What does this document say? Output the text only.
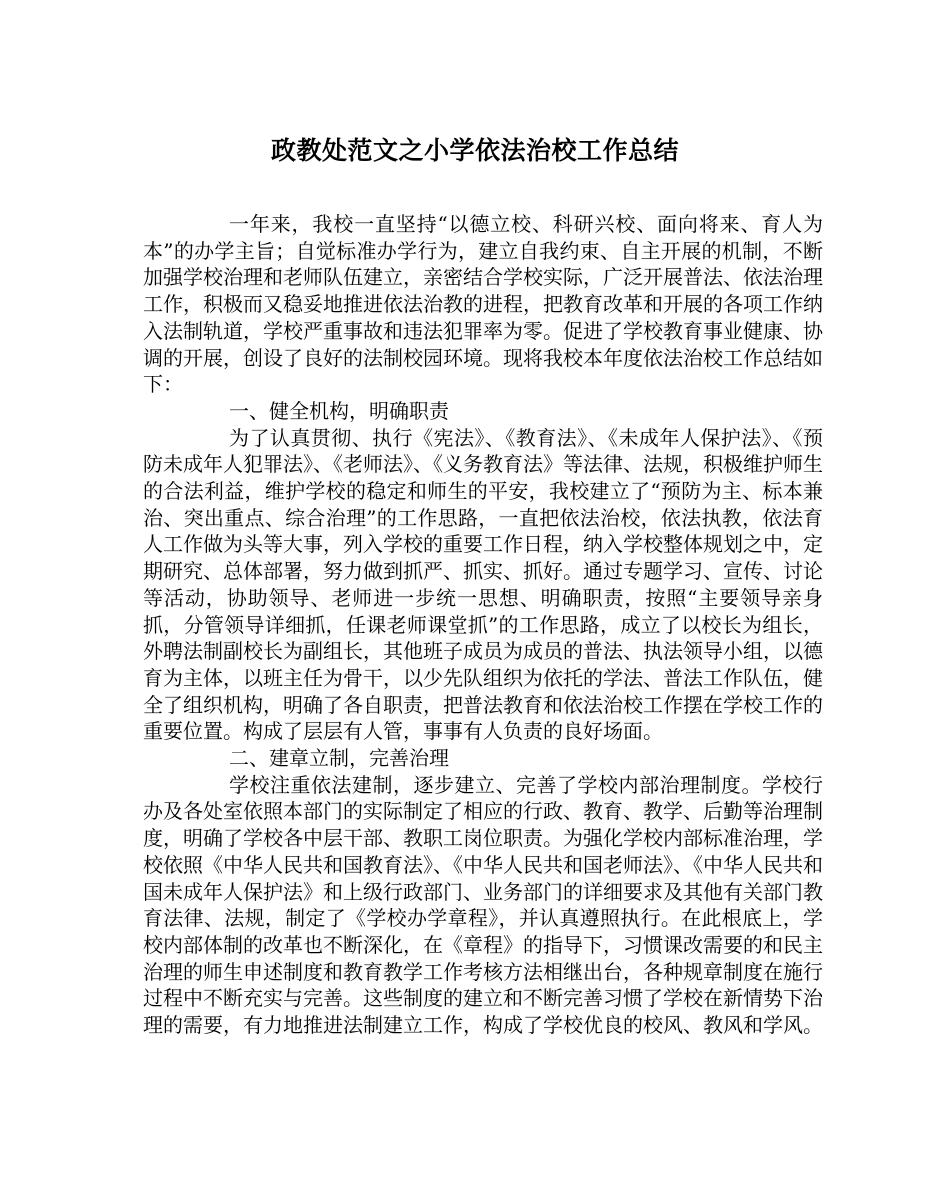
政教处范文之小学依法治校工作总结

一年来，我校一直坚持“以德立校、科研兴校、面向将来、育人为本”的办学主旨；自觉标准办学行为，建立自我约束、自主开展的机制，不断加强学校治理和老师队伍建立，亲密结合学校实际，广泛开展普法、依法治理工作，积极而又稳妥地推进依法治教的进程，把教育改革和开展的各项工作纳入法制轨道，学校严重事故和违法犯罪率为零。促进了学校教育事业健康、协调的开展，创设了良好的法制校园环境。现将我校本年度依法治校工作总结如下：

一、健全机构，明确职责

为了认真贯彻、执行《宪法》、《教育法》、《未成年人保护法》、《预防未成年人犯罪法》、《老师法》、《义务教育法》等法律、法规，积极维护师生的合法利益，维护学校的稳定和师生的平安，我校建立了“预防为主、标本兼治、突出重点、综合治理”的工作思路，一直把依法治校，依法执教，依法育人工作做为头等大事，列入学校的重要工作日程，纳入学校整体规划之中，定期研究、总体部署，努力做到抓严、抓实、抓好。通过专题学习、宣传、讨论等活动，协助领导、老师进一步统一思想、明确职责，按照“主要领导亲身抓，分管领导详细抓，任课老师课堂抓”的工作思路，成立了以校长为组长，外聘法制副校长为副组长，其他班子成员为成员的普法、执法领导小组，以德育为主体，以班主任为骨干，以少先队组织为依托的学法、普法工作队伍，健全了组织机构，明确了各自职责，把普法教育和依法治校工作摆在学校工作的重要位置。构成了层层有人管，事事有人负责的良好场面。

二、建章立制，完善治理

学校注重依法建制，逐步建立、完善了学校内部治理制度。学校行办及各处室依照本部门的实际制定了相应的行政、教育、教学、后勤等治理制度，明确了学校各中层干部、教职工岗位职责。为强化学校内部标准治理，学校依照《中华人民共和国教育法》、《中华人民共和国老师法》、《中华人民共和国未成年人保护法》和上级行政部门、业务部门的详细要求及其他有关部门教育法律、法规，制定了《学校办学章程》，并认真遵照执行。在此根底上，学校内部体制的改革也不断深化，在《章程》的指导下，习惯课改需要的和民主治理的师生申述制度和教育教学工作考核方法相继出台，各种规章制度在施行过程中不断充实与完善。这些制度的建立和不断完善习惯了学校在新情势下治理的需要，有力地推进法制建立工作，构成了学校优良的校风、教风和学风。
